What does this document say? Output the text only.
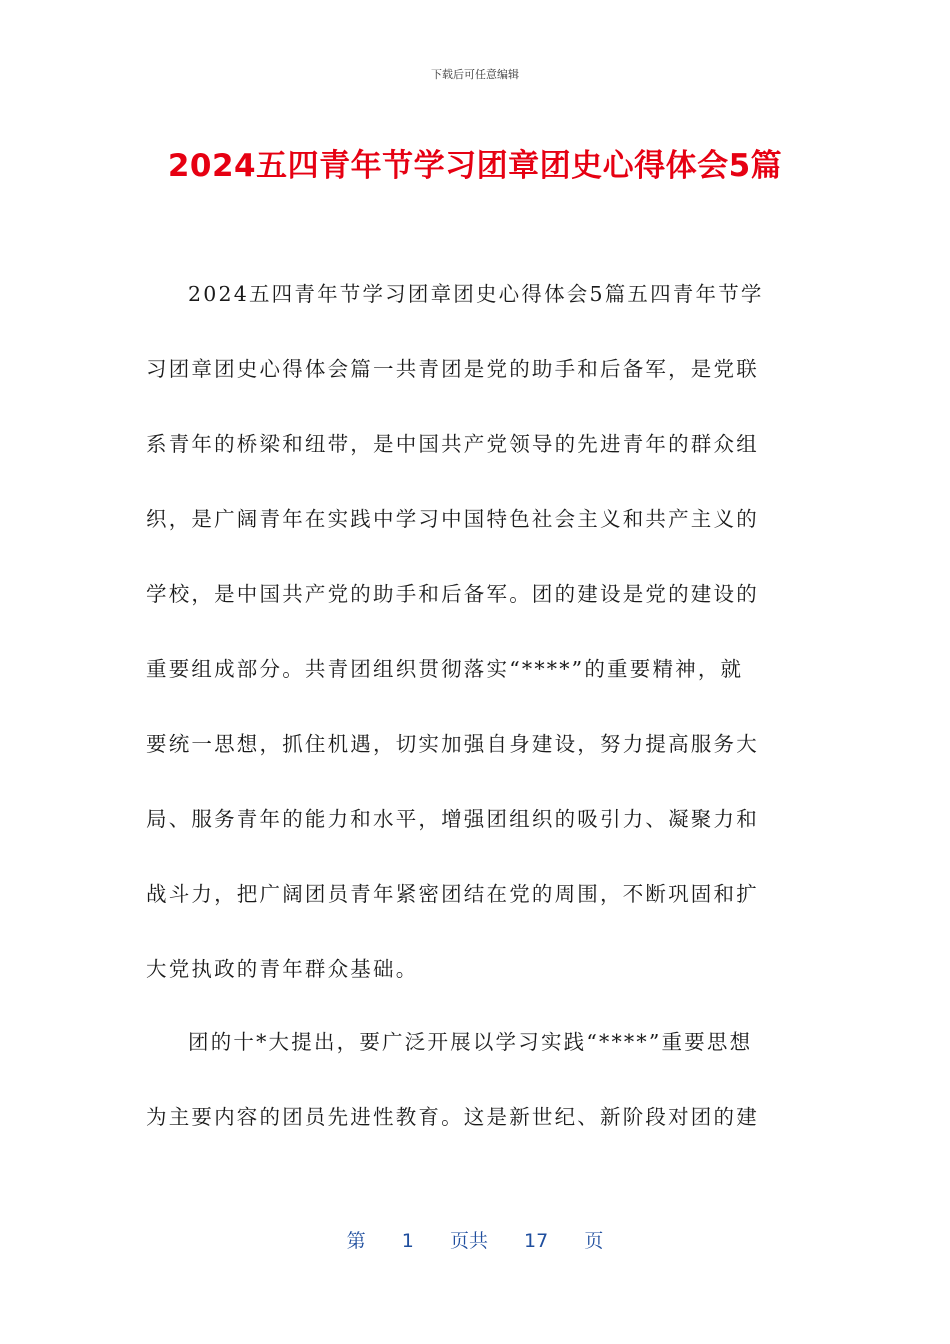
下载后可任意编辑
2024五四青年节学习团章团史心得体会5篇
2024五四青年节学习团章团史心得体会5篇五四青年节学
习团章团史心得体会篇一共青团是党的助手和后备军，是党联
系青年的桥梁和纽带，是中国共产党领导的先进青年的群众组
织，是广阔青年在实践中学习中国特色社会主义和共产主义的
学校，是中国共产党的助手和后备军。团的建设是党的建设的
重要组成部分。共青团组织贯彻落实“****”的重要精神，就
要统一思想，抓住机遇，切实加强自身建设，努力提高服务大
局、服务青年的能力和水平，增强团组织的吸引力、凝聚力和
战斗力，把广阔团员青年紧密团结在党的周围，不断巩固和扩
大党执政的青年群众基础。
团的十*大提出，要广泛开展以学习实践“****”重要思想
为主要内容的团员先进性教育。这是新世纪、新阶段对团的建
第 1 页共 17 页
